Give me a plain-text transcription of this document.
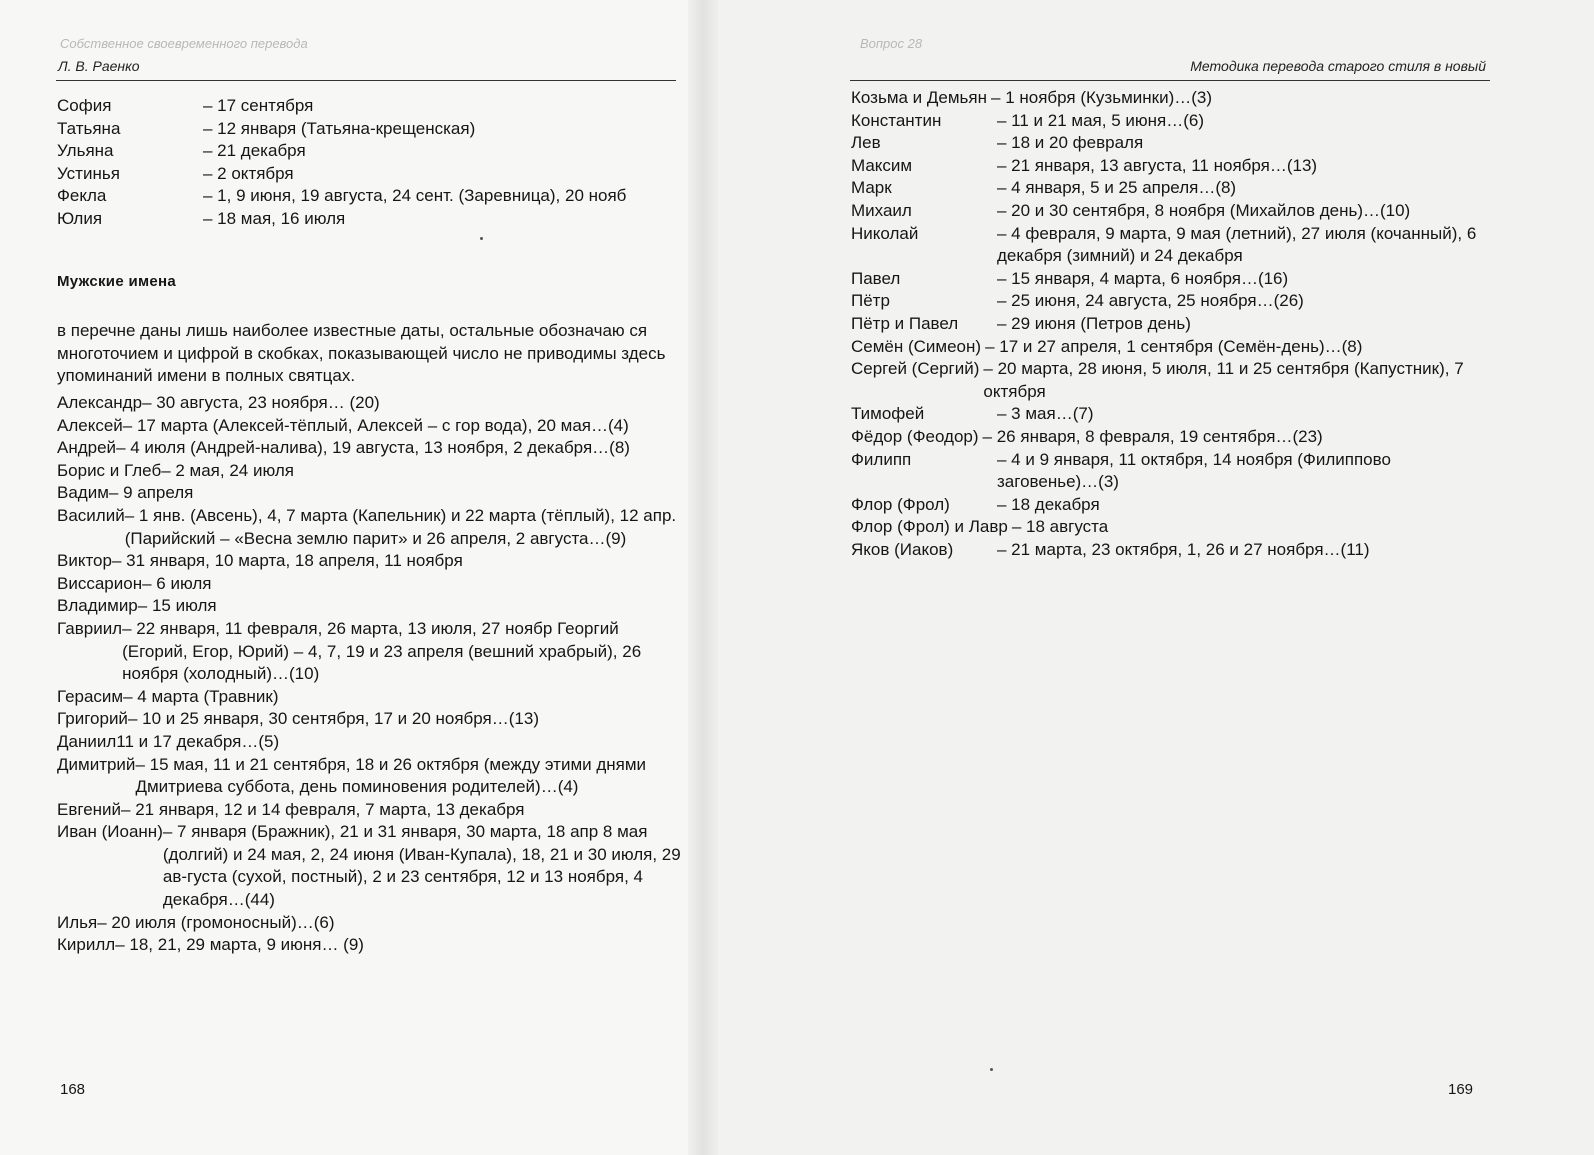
Собственное своевременного перевода	Вопрос 28
Л. В. Раенко	Методика перевода старого стиля в новый
София	– 17 сентября
Татьяна	– 12 января (Татьяна-крещенская)
Ульяна	– 21 декабря
Устинья	– 2 октября
Фекла	– 1, 9 июня, 19 августа, 24 сент. (Заревница), 20 нояб
Юлия	– 18 мая, 16 июля
Мужские имена
в перечне даны лишь наиболее известные даты, остальные обозначаю ся многоточием и цифрой в скобках, показывающей число не приводимы здесь упоминаний имени в полных святцах.
Александр – 30 августа, 23 ноября… (20)
Алексей – 17 марта (Алексей-тёплый, Алексей – с гор вода), 20 мая…(4)
Андрей – 4 июля (Андрей-налива), 19 августа, 13 ноября, 2 декабря…(8)
Борис и Глеб – 2 мая, 24 июля
Вадим – 9 апреля
Василий – 1 янв. (Авсень), 4, 7 марта (Капельник) и 22 марта (тёплый), 12 апр. (Парийский – «Весна землю парит» и 26 апреля, 2 августа…(9)
Виктор – 31 января, 10 марта, 18 апреля, 11 ноября
Виссарион – 6 июля
Владимир – 15 июля
Гавриил – 22 января, 11 февраля, 26 марта, 13 июля, 27 ноябр Георгий (Егорий, Егор, Юрий) – 4, 7, 19 и 23 апреля (вешний храбрый), 26 ноября (холодный)…(10)
Герасим – 4 марта (Травник)
Григорий – 10 и 25 января, 30 сентября, 17 и 20 ноября…(13)
Даниил 11 и 17 декабря…(5)
Димитрий – 15 мая, 11 и 21 сентября, 18 и 26 октября (между этими днями Дмитриева суббота, день поминовения родителей)…(4)
Евгений – 21 января, 12 и 14 февраля, 7 марта, 13 декабря
Иван (Иоанн) – 7 января (Бражник), 21 и 31 января, 30 марта, 18 апр 8 мая (долгий) и 24 мая, 2, 24 июня (Иван-Купала), 18, 21 и 30 июля, 29 ав-густа (сухой, постный), 2 и 23 сентября, 12 и 13 ноября, 4 декабря…(44)
Илья – 20 июля (громоносный)…(6)
Кирилл – 18, 21, 29 марта, 9 июня… (9)
Козьма и Демьян – 1 ноября (Кузьминки)…(3)
Константин	– 11 и 21 мая, 5 июня…(6)
Лев	– 18 и 20 февраля
Максим	– 21 января, 13 августа, 11 ноября…(13)
Марк	– 4 января, 5 и 25 апреля…(8)
Михаил	– 20 и 30 сентября, 8 ноября (Михайлов день)…(10)
Николай	– 4 февраля, 9 марта, 9 мая (летний), 27 июля (кочанный), 6 декабря (зимний) и 24 декабря
Павел	– 15 января, 4 марта, 6 ноября…(16)
Пётр	– 25 июня, 24 августа, 25 ноября…(26)
Пётр и Павел	– 29 июня (Петров день)
Семён (Симеон) – 17 и 27 апреля, 1 сентября (Семён-день)…(8)
Сергей (Сергий) – 20 марта, 28 июня, 5 июля, 11 и 25 сентября (Капустник), 7 октября
Тимофей	– 3 мая…(7)
Фёдор (Феодор) – 26 января, 8 февраля, 19 сентября…(23)
Филипп	– 4 и 9 января, 11 октября, 14 ноября (Филиппово заговенье)…(3)
Флор (Фрол)	– 18 декабря
Флор (Фрол) и Лавр – 18 августа
Яков (Иаков)	– 21 марта, 23 октября, 1, 26 и 27 ноября…(11)
168	169
